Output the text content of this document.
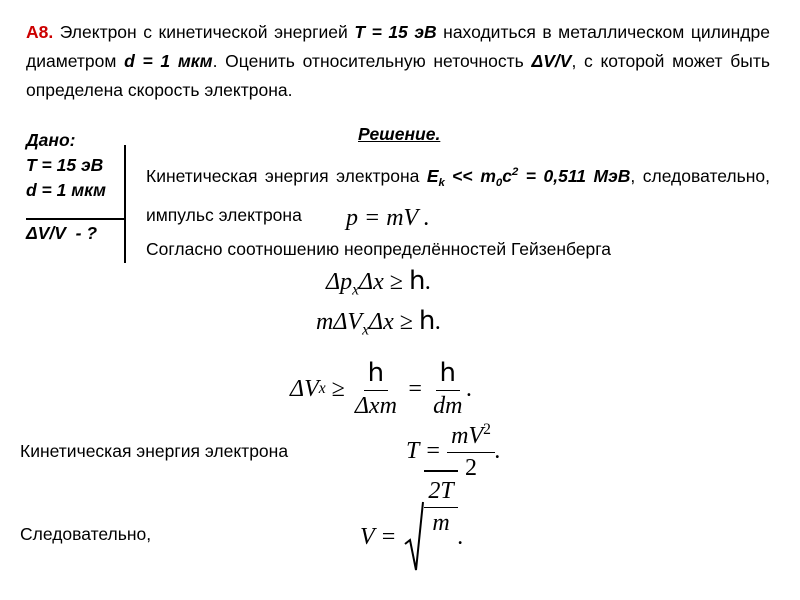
А8. Электрон с кинетической энергией T = 15 эВ находиться в металлическом цилиндре диаметром d = 1 мкм. Оценить относительную неточность ΔV/V, с которой может быть определена скорость электрона.
Дано:
T = 15 эВ
d = 1 мкм
ΔV/V  - ?
Решение.
Кинетическая энергия электрона $E_k << m_0c^2 = 0,511$ МэВ, следовательно, импульс электрона	p = mV .
Согласно соотношению неопределённостей Гейзенберга
$\Delta p_x\Delta x \ge h$.
mΔV$_x$Δx ≥ h.
ΔV $x \ge \frac{h}{\text{Δxm}} = \frac{h}{dm}$ .
Кинетическая энергия электрона	$T = \frac{mV^2}{2}$ .
Следовательно,	$V = \frac{2T}{m}$ .
